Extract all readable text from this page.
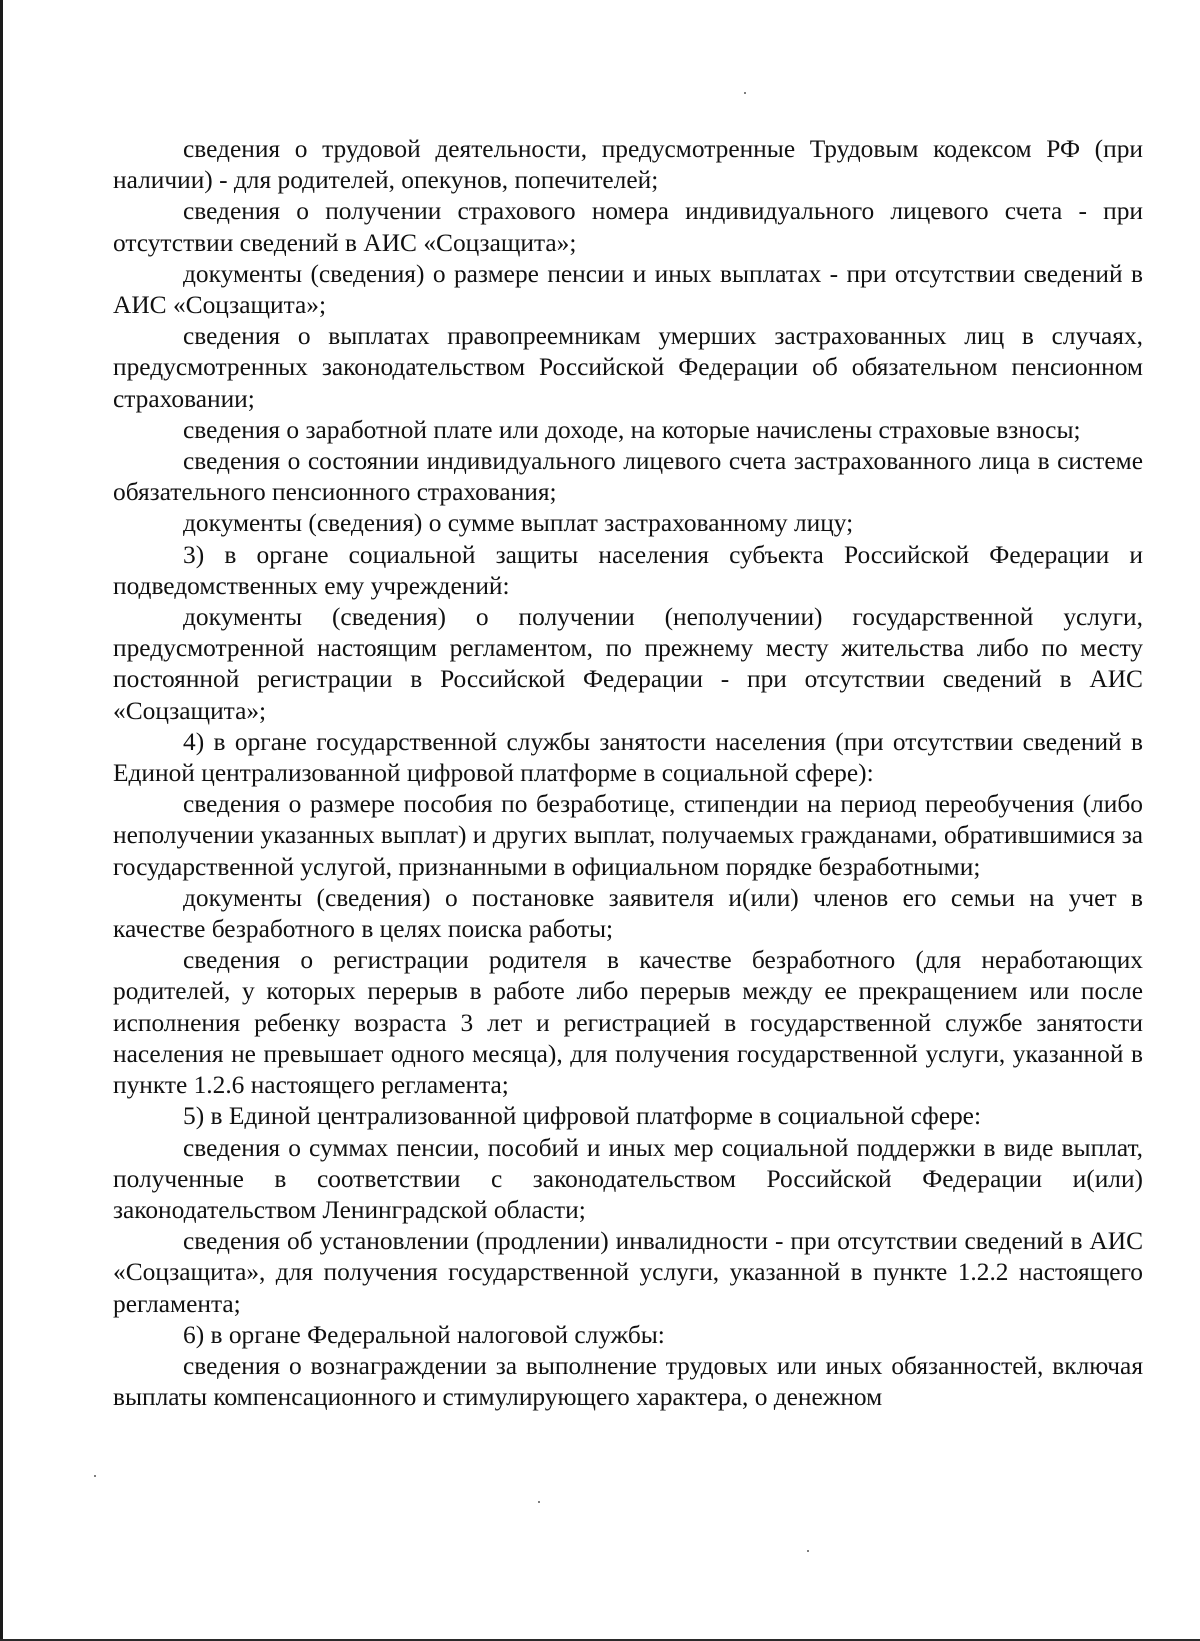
сведения о трудовой деятельности, предусмотренные Трудовым кодексом РФ (при наличии) - для родителей, опекунов, попечителей;

сведения о получении страхового номера индивидуального лицевого счета - при отсутствии сведений в АИС «Соцзащита»;

документы (сведения) о размере пенсии и иных выплатах - при отсутствии сведений в АИС «Соцзащита»;

сведения о выплатах правопреемникам умерших застрахованных лиц в случаях, предусмотренных законодательством Российской Федерации об обязательном пенсионном страховании;

сведения о заработной плате или доходе, на которые начислены страховые взносы;

сведения о состоянии индивидуального лицевого счета застрахованного лица в системе обязательного пенсионного страхования;

документы (сведения) о сумме выплат застрахованному лицу;

3) в органе социальной защиты населения субъекта Российской Федерации и подведомственных ему учреждений:

документы (сведения) о получении (неполучении) государственной услуги, предусмотренной настоящим регламентом, по прежнему месту жительства либо по месту постоянной регистрации в Российской Федерации - при отсутствии сведений в АИС «Соцзащита»;

4) в органе государственной службы занятости населения (при отсутствии сведений в Единой централизованной цифровой платформе в социальной сфере):

сведения о размере пособия по безработице, стипендии на период переобучения (либо неполучении указанных выплат) и других выплат, получаемых гражданами, обратившимися за государственной услугой, признанными в официальном порядке безработными;

документы (сведения) о постановке заявителя и(или) членов его семьи на учет в качестве безработного в целях поиска работы;

сведения о регистрации родителя в качестве безработного (для неработающих родителей, у которых перерыв в работе либо перерыв между ее прекращением или после исполнения ребенку возраста 3 лет и регистрацией в государственной службе занятости населения не превышает одного месяца), для получения государственной услуги, указанной в пункте 1.2.6 настоящего регламента;

5) в Единой централизованной цифровой платформе в социальной сфере:

сведения о суммах пенсии, пособий и иных мер социальной поддержки в виде выплат, полученные в соответствии с законодательством Российской Федерации и(или) законодательством Ленинградской области;

сведения об установлении (продлении) инвалидности - при отсутствии сведений в АИС «Соцзащита», для получения государственной услуги, указанной в пункте 1.2.2 настоящего регламента;

6) в органе Федеральной налоговой службы:

сведения о вознаграждении за выполнение трудовых или иных обязанностей, включая выплаты компенсационного и стимулирующего характера, о денежном
